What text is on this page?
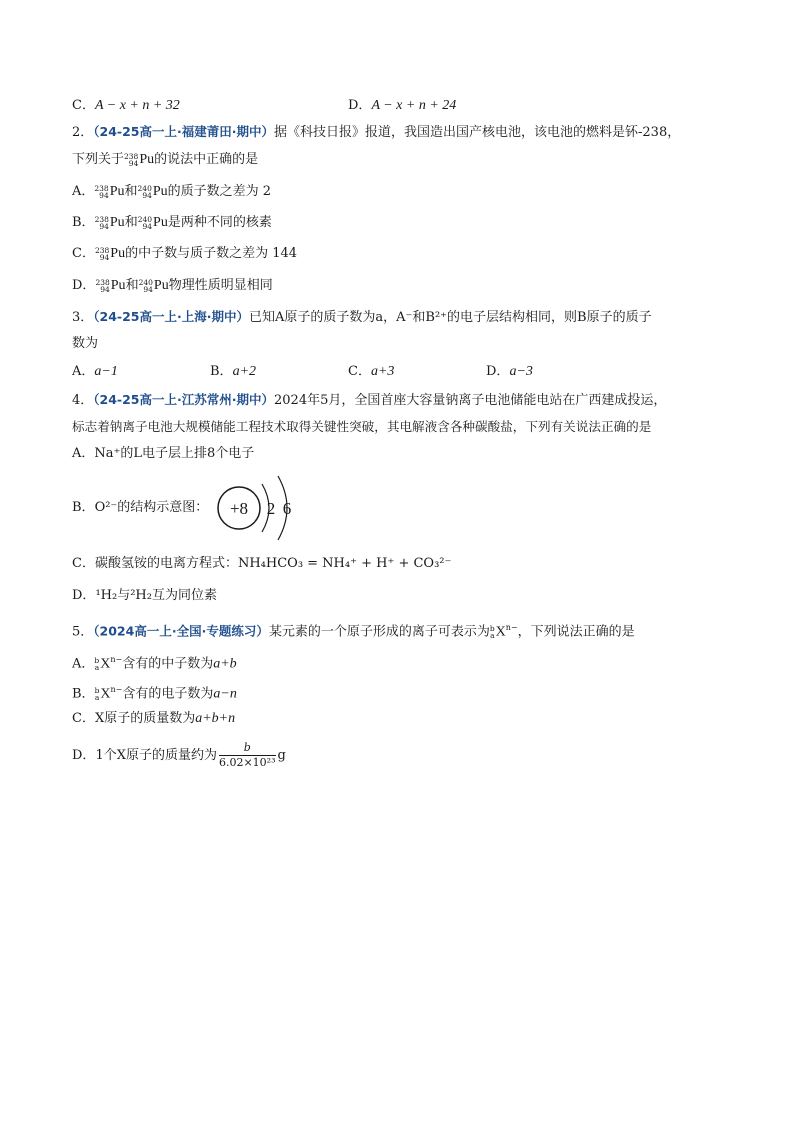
C．A − x + n + 32	D．A − x + n + 24
2．（24-25高一上·福建莆田·期中）据《科技日报》报道，我国造出国产核电池，该电池的燃料是钚-238，
下列关于 238
94 Pu的说法中正确的是
A． 238
94 Pu和 240
94 Pu的质子数之差为 2
B． 238
94 Pu和 240
94 Pu是两种不同的核素
C． 238
94 Pu的中子数与质子数之差为 144
D． 238
94 Pu和 240
94 Pu物理性质明显相同
3．（24-25高一上·上海·期中）已知A原子的质子数为a，A⁻和B²⁺的电子层结构相同，则B原子的质子
数为
A．a−1	B．a+2	C．a+3	D．a−3
4．（24-25高一上·江苏常州·期中）2024年5月，全国首座大容量钠离子电池储能电站在广西建成投运，
标志着钠离子电池大规模储能工程技术取得关键性突破，其电解液含各种碳酸盐，下列有关说法正确的是
A．Na⁺的L电子层上排8个电子
B．O²⁻的结构示意图： +8 2 6
C．碳酸氢铵的电离方程式：NH₄HCO₃ = NH₄⁺ + H⁺ + CO₃²⁻
D．¹H₂与²H₂互为同位素
5．（2024高一上·全国·专题练习）某元素的一个原子形成的离子可表示为 b
a $X^{n-}$，下列说法正确的是
A． b
a $X^{n-}$含有的中子数为a+b
B． b
a $X^{n-}$含有的电子数为a−n
C．X原子的质量数为a+b+n
D．1个X原子的质量约为 $\frac{b}{\text{6.02×10²³}}$ g
